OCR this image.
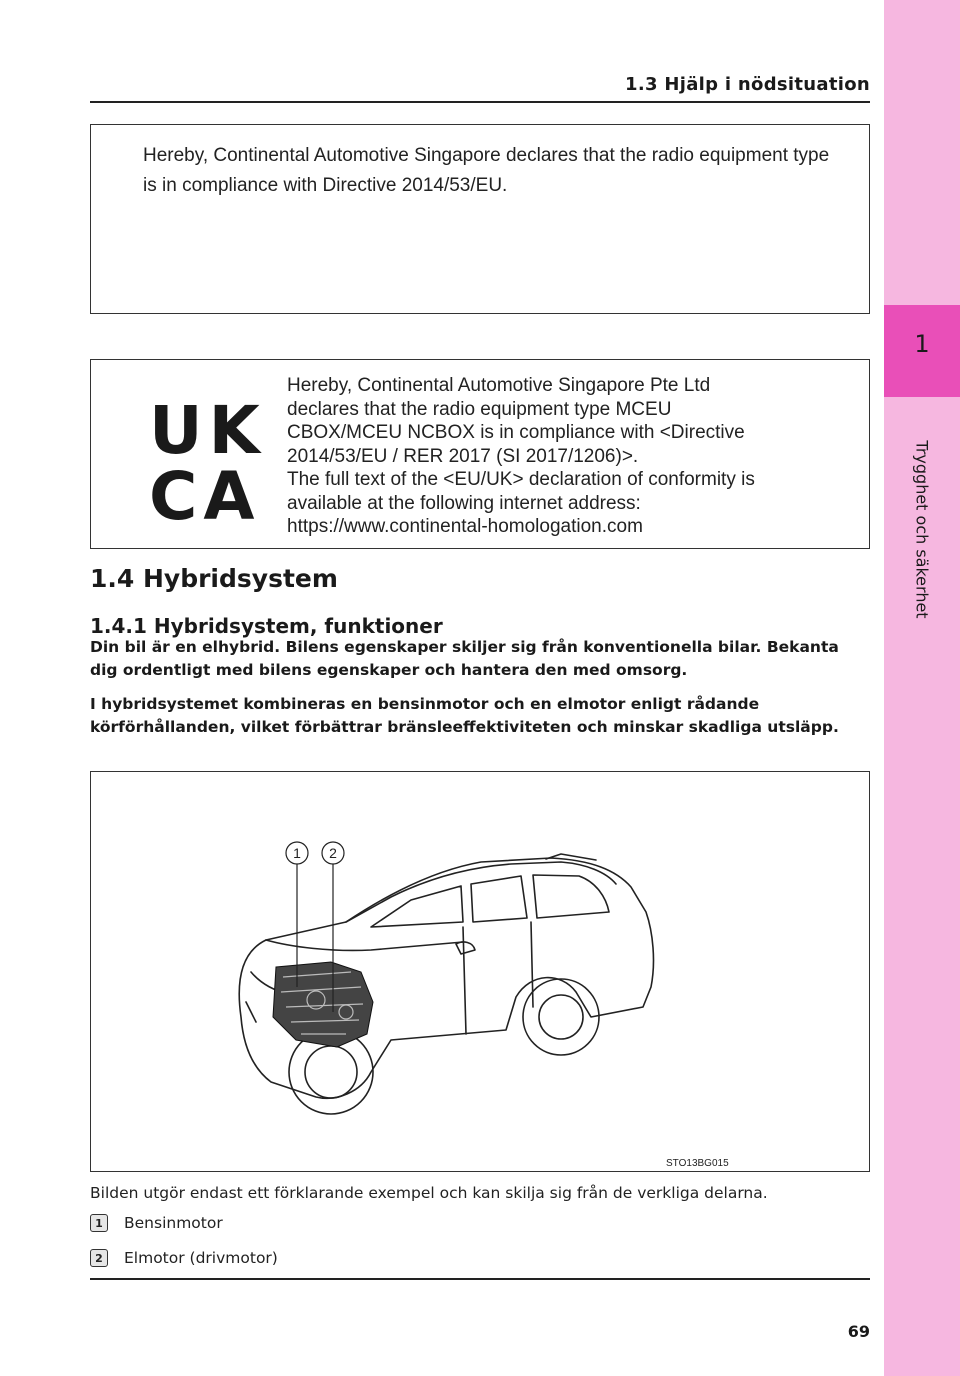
1
Trygghet och säkerhet
1.3 Hjälp i nödsituation
Hereby, Continental Automotive Singapore declares that the radio equipment type is in compliance with Directive 2014/53/EU.
UK
CA
Hereby, Continental Automotive Singapore Pte Ltd
declares that the radio equipment type MCEU
CBOX/MCEU NCBOX is in compliance with <Directive
2014/53/EU / RER 2017 (SI 2017/1206)>.
The full text of the <EU/UK> declaration of conformity is
available at the following internet address:
https://www.continental-homologation.com
1.4 Hybridsystem
1.4.1 Hybridsystem, funktioner
Din bil är en elhybrid. Bilens egenskaper skiljer sig från konventionella bilar. Bekanta dig ordentligt med bilens egenskaper och hantera den med omsorg.
I hybridsystemet kombineras en bensinmotor och en elmotor enligt rådande körförhållanden, vilket förbättrar bränsleeffektiviteten och minskar skadliga utsläpp.
1 2
STO13BG015
Bilden utgör endast ett förklarande exempel och kan skilja sig från de verkliga delarna.
1	Bensinmotor
2	Elmotor (drivmotor)
69
